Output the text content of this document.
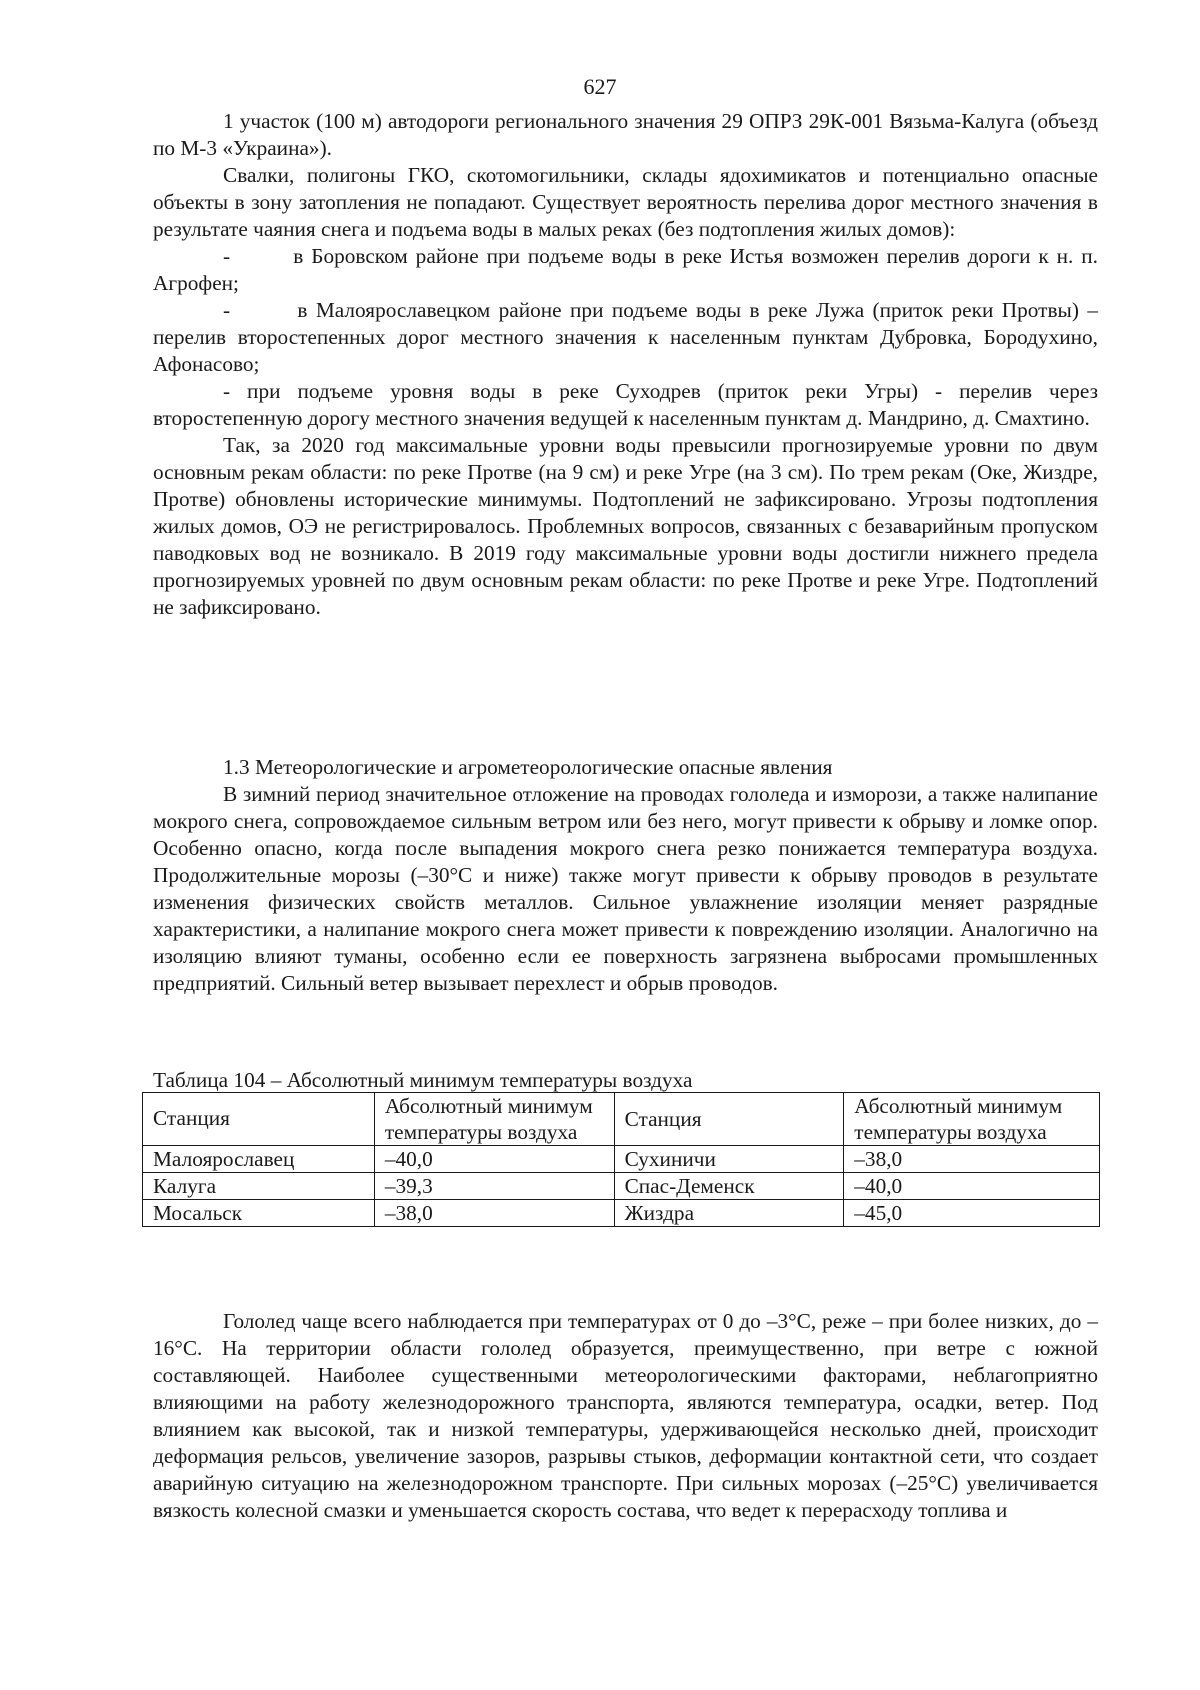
627

1 участок (100 м) автодороги регионального значения 29 ОПРЗ 29К-001 Вязьма-Калуга (объезд по М-3 «Украина»).

Свалки, полигоны ГКО, скотомогильники, склады ядохимикатов и потенциально опасные объекты в зону затопления не попадают. Существует вероятность перелива дорог местного значения в результате чаяния снега и подъема воды в малых реках (без подтопления жилых домов):

-        в Боровском районе при подъеме воды в реке Истья возможен перелив дороги к н. п. Агрофен;

-        в Малоярославецком районе при подъеме воды в реке Лужа (приток реки Протвы) – перелив второстепенных дорог местного значения к населенным пунктам Дубровка, Бородухино, Афонасово;

- при подъеме уровня воды в реке Суходрев (приток реки Угры) - перелив через второстепенную дорогу местного значения ведущей к населенным пунктам д. Мандрино, д. Смахтино.

Так, за 2020 год максимальные уровни воды превысили прогнозируемые уровни по двум основным рекам области: по реке Протве (на 9 см) и реке Угре (на 3 см). По трем рекам (Оке, Жиздре, Протве) обновлены исторические минимумы. Подтоплений не зафиксировано. Угрозы подтопления жилых домов, ОЭ не регистрировалось. Проблемных вопросов, связанных с безаварийным пропуском паводковых вод не возникало. В 2019 году максимальные уровни воды достигли нижнего предела прогнозируемых уровней по двум основным рекам области: по реке Протве и реке Угре. Подтоплений не зафиксировано.

1.3 Метеорологические и агрометеорологические опасные явления

В зимний период значительное отложение на проводах гололеда и изморози, а также налипание мокрого снега, сопровождаемое сильным ветром или без него, могут привести к обрыву и ломке опор. Особенно опасно, когда после выпадения мокрого снега резко понижается температура воздуха. Продолжительные морозы (–30°C и ниже) также могут привести к обрыву проводов в результате изменения физических свойств металлов. Сильное увлажнение изоляции меняет разрядные характеристики, а налипание мокрого снега может привести к повреждению изоляции. Аналогично на изоляцию влияют туманы, особенно если ее поверхность загрязнена выбросами промышленных предприятий. Сильный ветер вызывает перехлест и обрыв проводов.

Таблица 104 – Абсолютный минимум температуры воздуха
Станция	Абсолютный минимум температуры воздуха	Станция	Абсолютный минимум температуры воздуха
Малоярославец	–40,0	Сухиничи	–38,0
Калуга	–39,3	Спас-Деменск	–40,0
Мосальск	–38,0	Жиздра	–45,0

Гололед чаще всего наблюдается при температурах от 0 до –3°C, реже – при более низких, до –16°C. На территории области гололед образуется, преимущественно, при ветре с южной составляющей. Наиболее существенными метеорологическими факторами, неблагоприятно влияющими на работу железнодорожного транспорта, являются температура, осадки, ветер. Под влиянием как высокой, так и низкой температуры, удерживающейся несколько дней, происходит деформация рельсов, увеличение зазоров, разрывы стыков, деформации контактной сети, что создает аварийную ситуацию на железнодорожном транспорте. При сильных морозах (–25°C) увеличивается вязкость колесной смазки и уменьшается скорость состава, что ведет к перерасходу топлива и
